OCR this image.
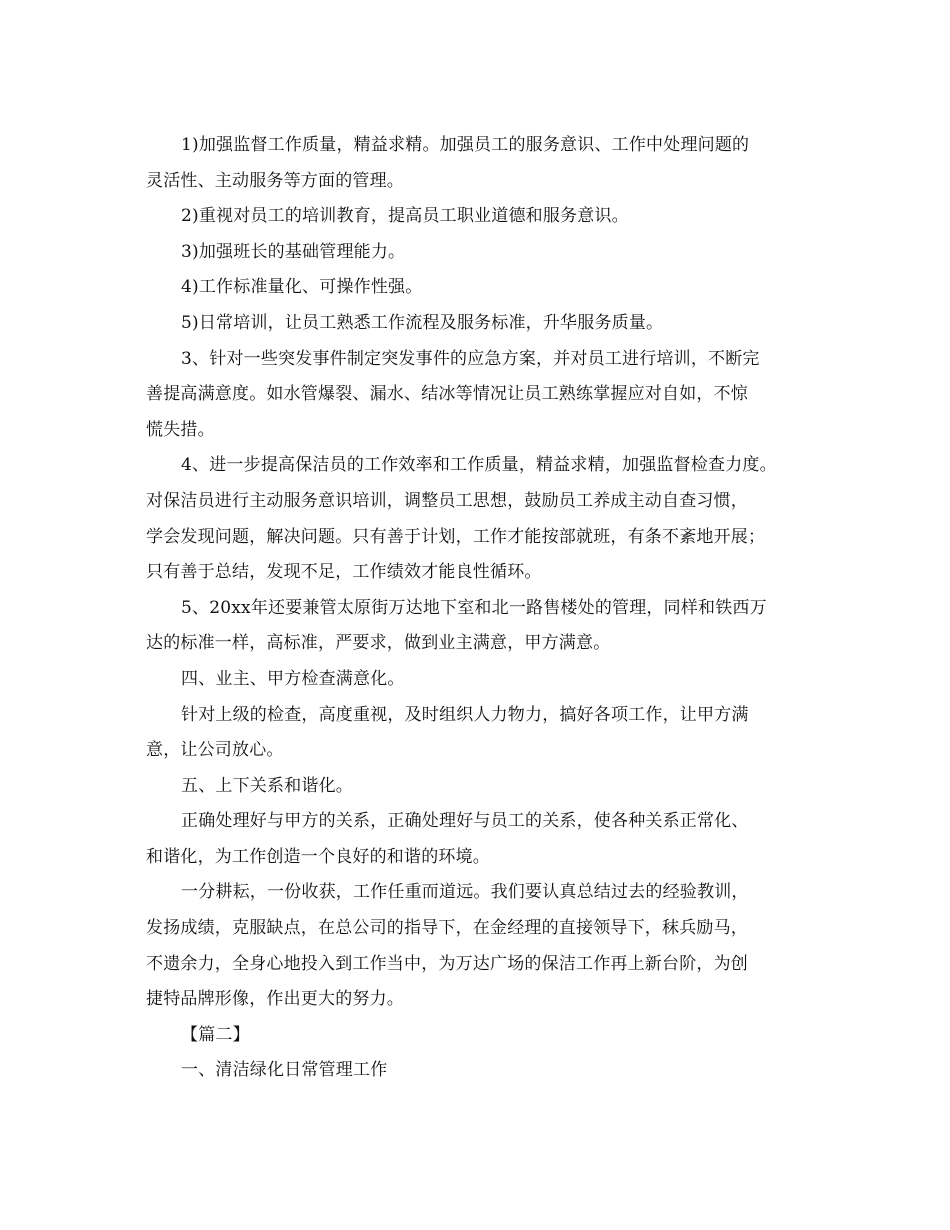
1)加强监督工作质量，精益求精。加强员工的服务意识、工作中处理问题的
灵活性、主动服务等方面的管理。
2)重视对员工的培训教育，提高员工职业道德和服务意识。
3)加强班长的基础管理能力。
4)工作标准量化、可操作性强。
5)日常培训，让员工熟悉工作流程及服务标准，升华服务质量。
3、针对一些突发事件制定突发事件的应急方案，并对员工进行培训，不断完
善提高满意度。如水管爆裂、漏水、结冰等情况让员工熟练掌握应对自如，不惊
慌失措。
4、进一步提高保洁员的工作效率和工作质量，精益求精，加强监督检查力度。
对保洁员进行主动服务意识培训，调整员工思想，鼓励员工养成主动自查习惯，
学会发现问题，解决问题。只有善于计划，工作才能按部就班，有条不紊地开展；
只有善于总结，发现不足，工作绩效才能良性循环。
5、20xx年还要兼管太原街万达地下室和北一路售楼处的管理，同样和铁西万
达的标准一样，高标准，严要求，做到业主满意，甲方满意。
四、业主、甲方检查满意化。
针对上级的检查，高度重视，及时组织人力物力，搞好各项工作，让甲方满
意，让公司放心。
五、上下关系和谐化。
正确处理好与甲方的关系，正确处理好与员工的关系，使各种关系正常化、
和谐化，为工作创造一个良好的和谐的环境。
一分耕耘，一份收获，工作任重而道远。我们要认真总结过去的经验教训，
发扬成绩，克服缺点，在总公司的指导下，在金经理的直接领导下，秣兵励马，
不遗余力，全身心地投入到工作当中，为万达广场的保洁工作再上新台阶，为创
捷特品牌形像，作出更大的努力。
【篇二】
一、清洁绿化日常管理工作
